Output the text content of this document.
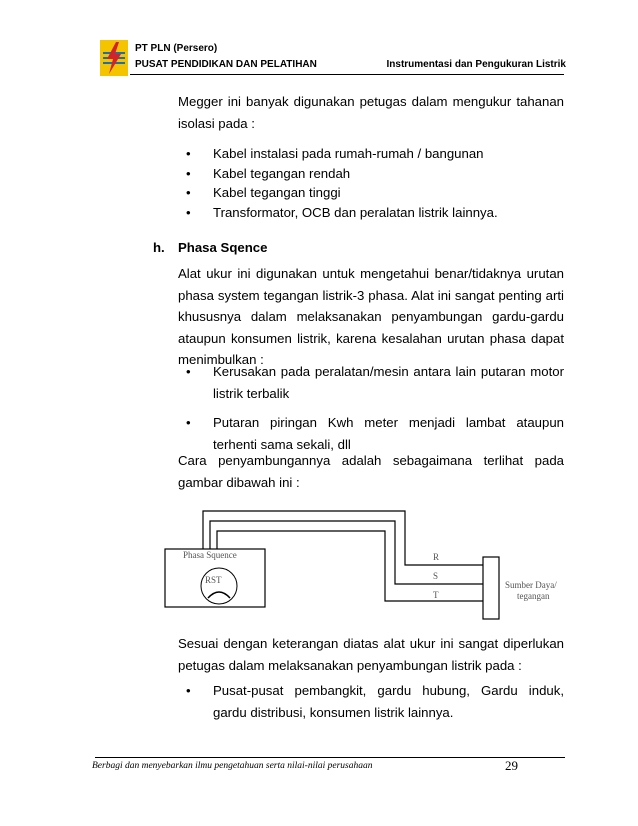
PT PLN (Persero)
PUSAT PENDIDIKAN DAN PELATIHAN	Instrumentasi dan Pengukuran Listrik
Megger ini banyak digunakan petugas dalam mengukur tahanan isolasi pada :
• Kabel instalasi pada rumah-rumah / bangunan
• Kabel tegangan rendah
• Kabel tegangan tinggi
• Transformator, OCB dan peralatan listrik lainnya.
h. Phasa Sqence
Alat ukur ini digunakan untuk mengetahui benar/tidaknya urutan phasa system tegangan listrik-3 phasa. Alat ini sangat penting arti khususnya dalam melaksanakan penyambungan gardu-gardu ataupun konsumen listrik, karena kesalahan urutan phasa dapat menimbulkan :
• Kerusakan pada peralatan/mesin antara lain putaran motor listrik terbalik
• Putaran piringan Kwh meter menjadi lambat ataupun terhenti sama sekali, dll
Cara penyambungannya adalah sebagaimana terlihat pada gambar dibawah ini :
Phasa Squence
RST
R
S
T
Sumber Daya/
tegangan
Sesuai dengan keterangan diatas alat ukur ini sangat diperlukan petugas dalam melaksanakan penyambungan listrik pada :
• Pusat-pusat pembangkit, gardu hubung, Gardu induk, gardu distribusi, konsumen listrik lainnya.
Berbagi dan menyebarkan ilmu pengetahuan serta nilai-nilai perusahaan	29
